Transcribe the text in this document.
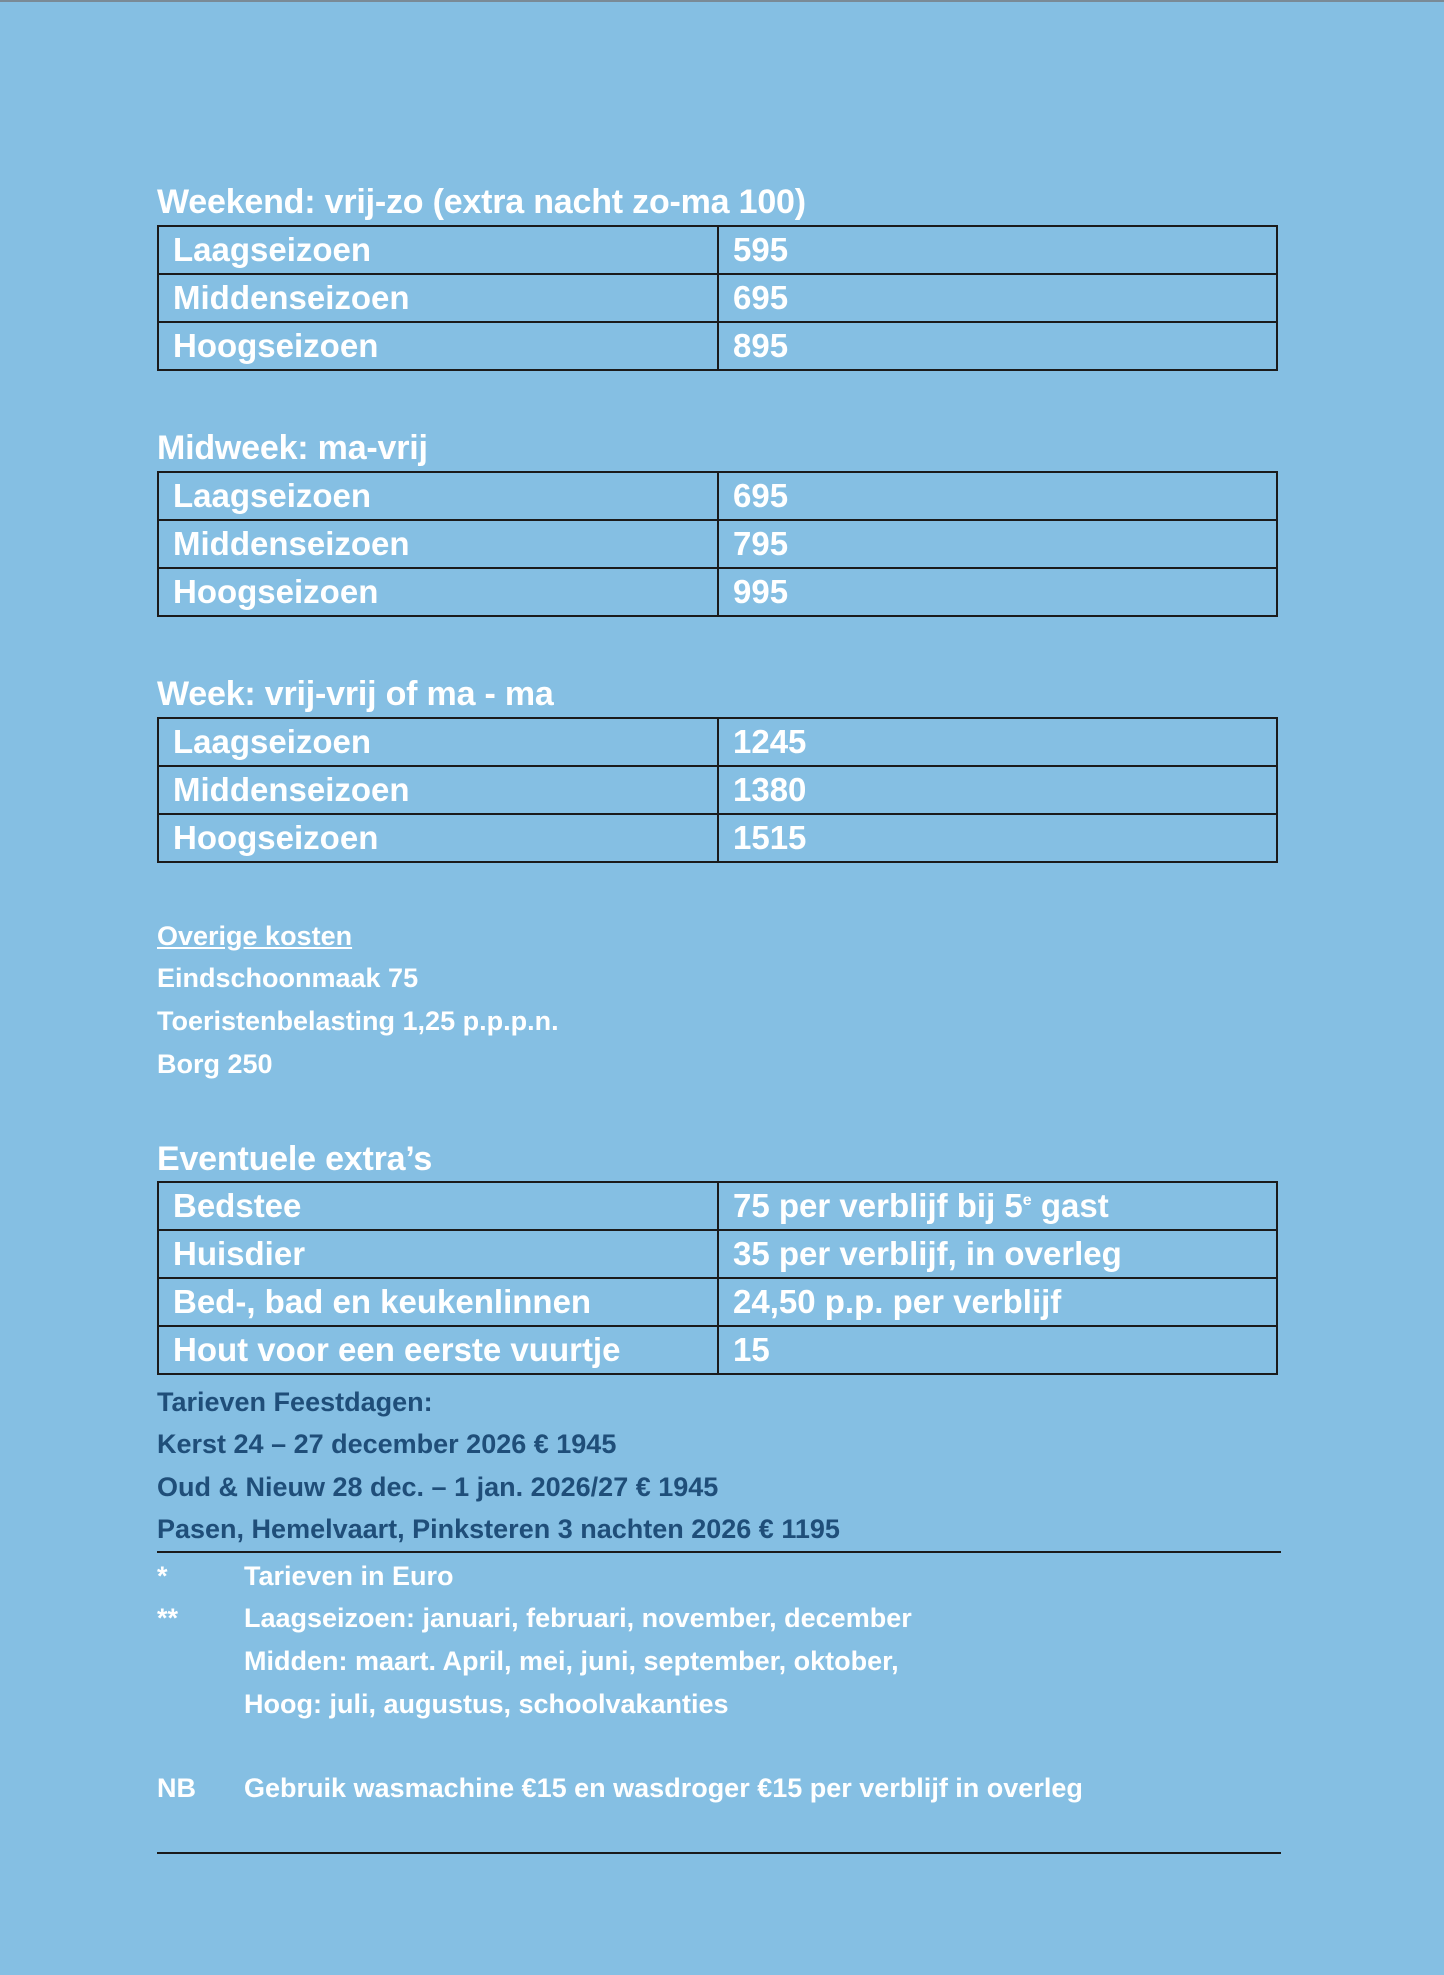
Weekend: vrij-zo (extra nacht zo-ma 100)
Laagseizoen	595
Middenseizoen	695
Hoogseizoen	895
Midweek: ma-vrij
Laagseizoen	695
Middenseizoen	795
Hoogseizoen	995
Week: vrij-vrij of ma - ma
Laagseizoen	1245
Middenseizoen	1380
Hoogseizoen	1515
Overige kosten
Eindschoonmaak 75
Toeristenbelasting 1,25 p.p.p.n.
Borg 250
Eventuele extra’s
Bedstee	75 per verblijf bij 5e gast
Huisdier	35 per verblijf, in overleg
Bed-, bad en keukenlinnen	24,50 p.p. per verblijf
Hout voor een eerste vuurtje	15
Tarieven Feestdagen:
Kerst 24 – 27 december 2026 € 1945
Oud & Nieuw 28 dec. – 1 jan. 2026/27 € 1945
Pasen, Hemelvaart, Pinksteren 3 nachten 2026 € 1195
*	Tarieven in Euro
** Laagseizoen: januari, februari, november, december
Midden: maart. April, mei, juni, september, oktober,
Hoog: juli, augustus, schoolvakanties
NB Gebruik wasmachine €15 en wasdroger €15 per verblijf in overleg
